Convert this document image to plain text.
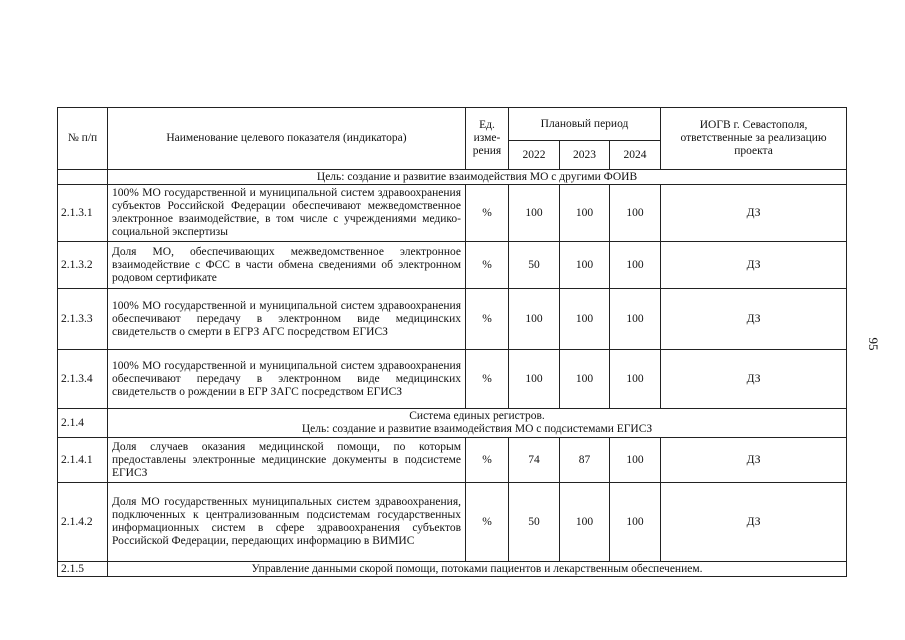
№ п/п	Наименование целевого показателя (индикатора)	Ед. изме-рения	Плановый период			ИОГВ г. Севастополя, ответственные за реализацию проекта
			2022	2023	2024	
	Цель: создание и развитие взаимодействия МО с другими ФОИВ					
2.1.3.1	100% МО государственной и муниципальной систем здравоохранения субъектов Российской Федерации обеспечивают межведомственное электронное взаимодействие, в том числе с учреждениями медико-социальной экспертизы	%	100	100	100	ДЗ
2.1.3.2	Доля МО, обеспечивающих межведомственное электронное взаимодействие с ФСС в части обмена сведениями об электронном родовом сертификате	%	50	100	100	ДЗ
2.1.3.3	100% МО государственной и муниципальной систем здравоохранения обеспечивают передачу в электронном виде медицинских свидетельств о смерти в ЕГРЗ АГС посредством ЕГИСЗ	%	100	100	100	ДЗ
2.1.3.4	100% МО государственной и муниципальной систем здравоохранения обеспечивают передачу в электронном виде медицинских свидетельств о рождении в ЕГР ЗАГС посредством ЕГИСЗ	%	100	100	100	ДЗ
2.1.4	Система единых регистров.
Цель: создание и развитие взаимодействия МО с подсистемами ЕГИСЗ					

2.1.4.1	Доля случаев оказания медицинской помощи, по которым предоставлены электронные медицинские документы в подсистеме ЕГИСЗ	%	74	87	100	ДЗ
2.1.4.2	Доля МО государственных муниципальных систем здравоохранения, подключенных к централизованным подсистемам государственных информационных систем в сфере здравоохранения субъектов Российской Федерации, передающих информацию в ВИМИС	%	50	100	100	ДЗ
2.1.5	Управление данными скорой помощи, потоками пациентов и лекарственным обеспечением.					
95
